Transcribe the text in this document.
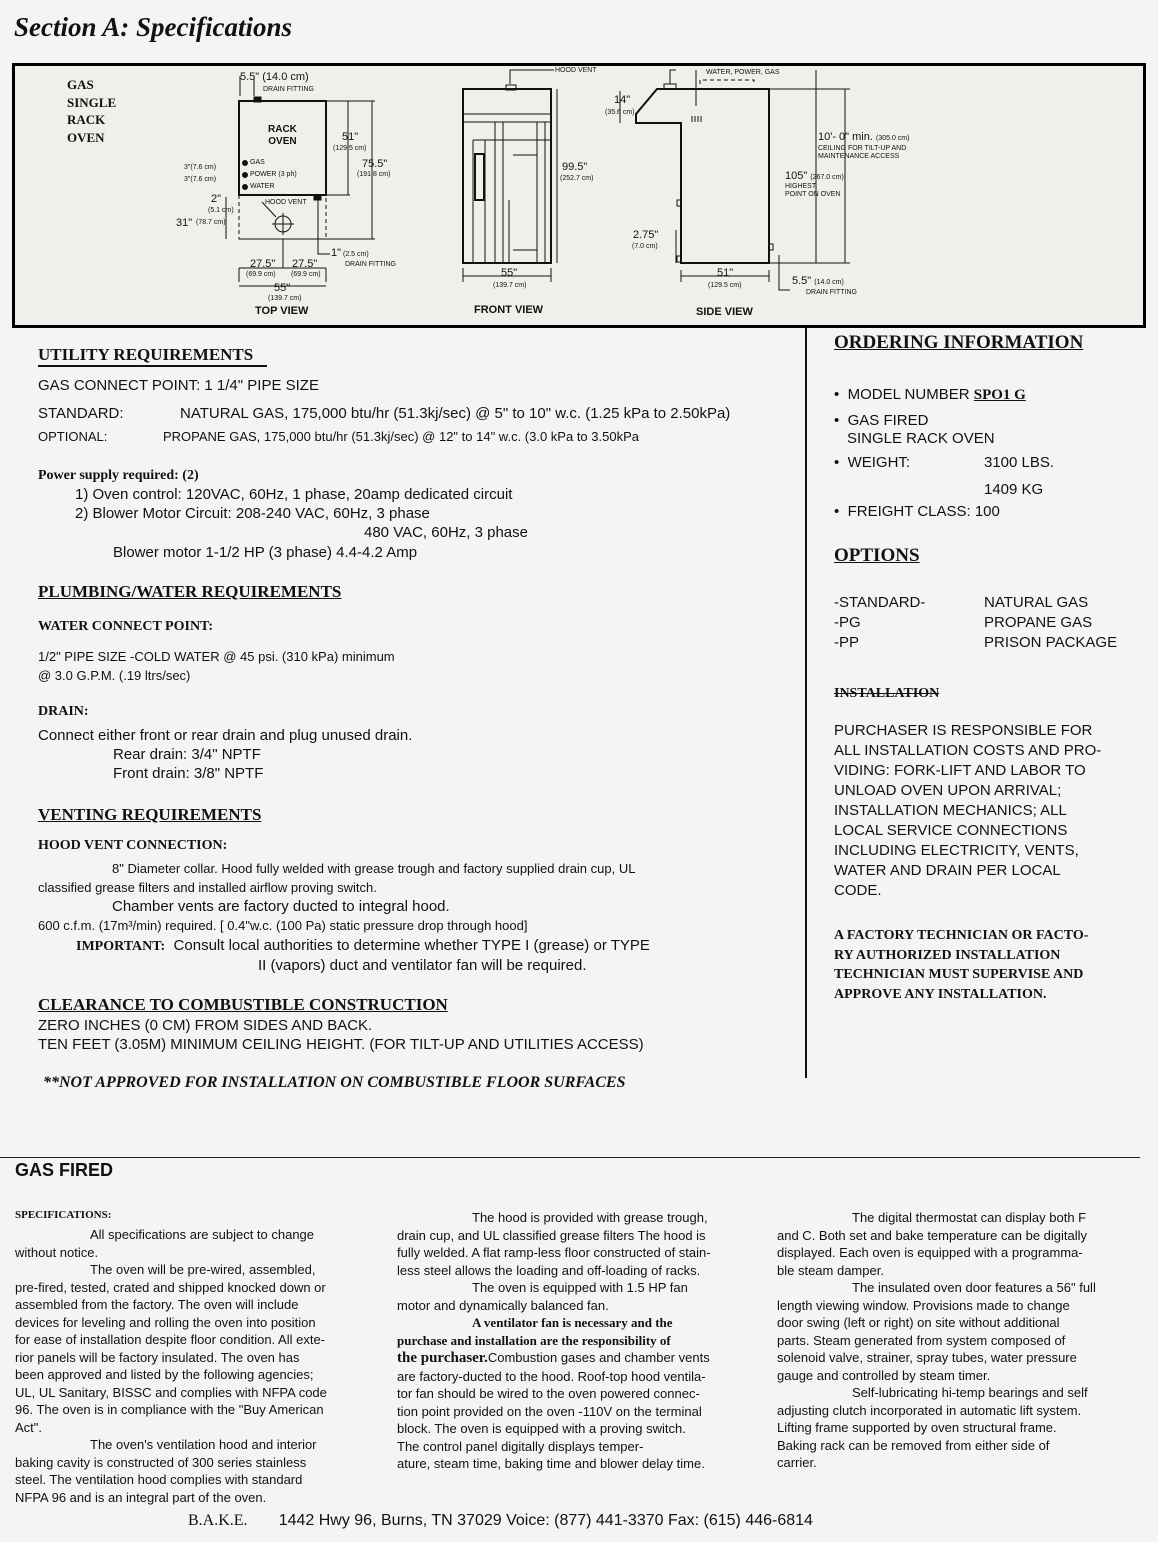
Section A: Specifications
GAS
SINGLE
RACK
OVEN
5.5" (14.0 cm)
DRAIN FITTING
RACK
OVEN	51"
(129.5 cm)
75.5"
(191.8 cm)
GAS
POWER (3 ph)
WATER
3"(7.6 cm)
3"(7.6 cm)
2"
(5.1 cm)
31" (78.7 cm)
HOOD VENT
1" (2.5 cm)
DRAIN FITTING
27.5"
(69.9 cm)
27.5"
(69.9 cm)
55"
(139.7 cm)
TOP VIEW
HOOD VENT
99.5"
(252.7 cm)
55"
(139.7 cm)
FRONT VIEW
WATER, POWER, GAS
14"
(35.6 cm)
10'- 0" min. (305.0 cm)
CEILING FOR TILT-UP AND
MAINTENANCE ACCESS
105" (267.0 cm)
HIGHEST
POINT ON OVEN
2.75"
(7.0 cm)
51"
(129.5 cm)	5.5" (14.0 cm)
DRAIN FITTING
SIDE VIEW
UTILITY REQUIREMENTS
GAS CONNECT POINT: 1 1/4" PIPE SIZE
STANDARD:	NATURAL GAS, 175,000 btu/hr (51.3kj/sec) @ 5" to 10" w.c. (1.25 kPa to 2.50kPa)
OPTIONAL:	PROPANE GAS, 175,000 btu/hr (51.3kj/sec) @ 12" to 14" w.c. (3.0 kPa to 3.50kPa
Power supply required: (2)
1) Oven control: 120VAC, 60Hz, 1 phase, 20amp dedicated circuit
2) Blower Motor Circuit: 208-240 VAC, 60Hz, 3 phase
480 VAC, 60Hz, 3 phase
Blower motor 1-1/2 HP (3 phase) 4.4-4.2 Amp
PLUMBING/WATER REQUIREMENTS
WATER CONNECT POINT:
1/2" PIPE SIZE -COLD WATER @ 45 psi. (310 kPa) minimum
@ 3.0 G.P.M. (.19 ltrs/sec)
DRAIN:
Connect either front or rear drain and plug unused drain.
Rear drain: 3/4" NPTF
Front drain: 3/8" NPTF
VENTING REQUIREMENTS
HOOD VENT CONNECTION:
8" Diameter collar. Hood fully welded with grease trough and factory supplied drain cup, UL
classified grease filters and installed airflow proving switch.
Chamber vents are factory ducted to integral hood.
600 c.f.m. (17m³/min) required. [ 0.4"w.c. (100 Pa) static pressure drop through hood]
IMPORTANT: Consult local authorities to determine whether TYPE I (grease) or TYPE
II (vapors) duct and ventilator fan will be required.
CLEARANCE TO COMBUSTIBLE CONSTRUCTION
ZERO INCHES (0 CM) FROM SIDES AND BACK.
TEN FEET (3.05M) MINIMUM CEILING HEIGHT. (FOR TILT-UP AND UTILITIES ACCESS)
**NOT APPROVED FOR INSTALLATION ON COMBUSTIBLE FLOOR SURFACES
ORDERING INFORMATION
•  MODEL NUMBER SPO1 G
•  GAS FIRED
SINGLE RACK OVEN
•  WEIGHT:	3100 LBS.
1409 KG
•  FREIGHT CLASS: 100
OPTIONS
-STANDARD-	NATURAL GAS
-PG	PROPANE GAS
-PP	PRISON PACKAGE
INSTALLATION
PURCHASER IS RESPONSIBLE FOR
ALL INSTALLATION COSTS AND PRO-
VIDING: FORK-LIFT AND LABOR TO
UNLOAD OVEN UPON ARRIVAL;
INSTALLATION MECHANICS; ALL
LOCAL SERVICE CONNECTIONS
INCLUDING ELECTRICITY, VENTS,
WATER AND DRAIN PER LOCAL
CODE.
A FACTORY TECHNICIAN OR FACTO-
RY AUTHORIZED INSTALLATION
TECHNICIAN MUST SUPERVISE AND
APPROVE ANY INSTALLATION.
GAS FIRED
SPECIFICATIONS:
All specifications are subject to change
without notice.
The oven will be pre-wired, assembled,
pre-fired, tested, crated and shipped knocked down or
assembled from the factory. The oven will include
devices for leveling and rolling the oven into position
for ease of installation despite floor condition. All exte-
rior panels will be factory insulated. The oven has
been approved and listed by the following agencies;
UL, UL Sanitary, BISSC and complies with NFPA code
96. The oven is in compliance with the "Buy American
Act".
The oven's ventilation hood and interior
baking cavity is constructed of 300 series stainless
steel. The ventilation hood complies with standard
NFPA 96 and is an integral part of the oven.
The hood is provided with grease trough,
drain cup, and UL classified grease filters The hood is
fully welded. A flat ramp-less floor constructed of stain-
less steel allows the loading and off-loading of racks.
The oven is equipped with 1.5 HP fan
motor and dynamically balanced fan.
A ventilator fan is necessary and the
purchase and installation are the responsibility of
the purchaser.Combustion gases and chamber vents
are factory-ducted to the hood. Roof-top hood ventila-
tor fan should be wired to the oven powered connec-
tion point provided on the oven -110V on the terminal
block. The oven is equipped with a proving switch.
The control panel digitally displays temper-
ature, steam time, baking time and blower delay time.
The digital thermostat can display both F
and C. Both set and bake temperature can be digitally
displayed. Each oven is equipped with a programma-
ble steam damper.
The insulated oven door features a 56" full
length viewing window. Provisions made to change
door swing (left or right) on site without additional
parts. Steam generated from system composed of
solenoid valve, strainer, spray tubes, water pressure
gauge and controlled by steam timer.
Self-lubricating hi-temp bearings and self
adjusting clutch incorporated in automatic lift system.
Lifting frame supported by oven structural frame.
Baking rack can be removed from either side of
carrier.
B.A.K.E. 1442 Hwy 96, Burns, TN 37029 Voice: (877) 441-3370 Fax: (615) 446-6814
